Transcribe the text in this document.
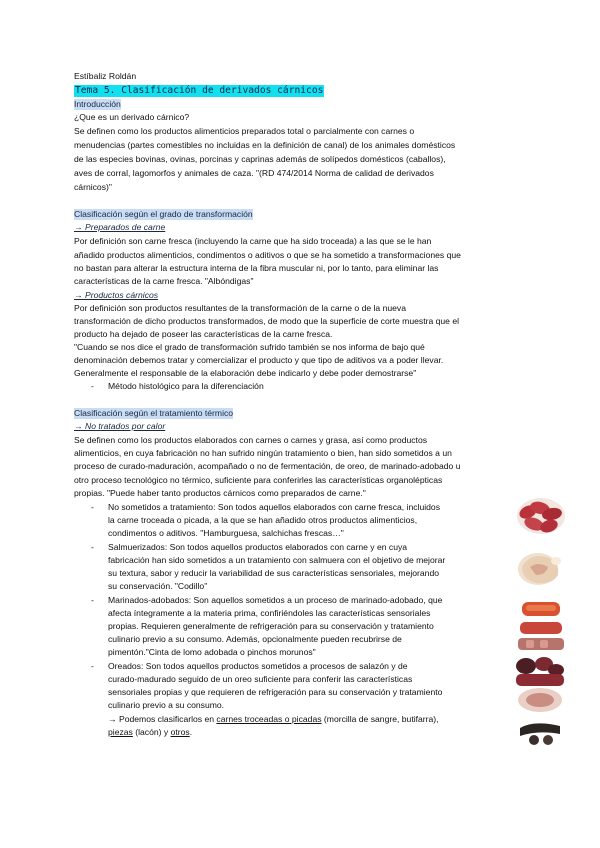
Estíbaliz Roldán
Tema 5. Clasificación de derivados cárnicos
Introducción
¿Que es un derivado cárnico?
Se definen como los productos alimenticios preparados total o parcialmente con carnes o
menudencias (partes comestibles no incluidas en la definición de canal) de los animales domésticos
de las especies bovinas, ovinas, porcinas y caprinas además de solípedos domésticos (caballos),
aves de corral, lagomorfos y animales de caza. "(RD 474/2014 Norma de calidad de derivados
cárnicos)"
Clasificación según el grado de transformación
→ Preparados de carne
Por definición son carne fresca (incluyendo la carne que ha sido troceada) a las que se le han
añadido productos alimenticios, condimentos o aditivos o que se ha sometido a transformaciones que
no bastan para alterar la estructura interna de la fibra muscular ni, por lo tanto, para eliminar las
características de la carne fresca. "Albóndigas"
→ Productos cárnicos
Por definición son productos resultantes de la transformación de la carne o de la nueva
transformación de dicho productos transformados, de modo que la superficie de corte muestra que el
producto ha dejado de poseer las características de la carne fresca.
"Cuando se nos dice el grado de transformación sufrido también se nos informa de bajo qué
denominación debemos tratar y comercializar el producto y que tipo de aditivos va a poder llevar.
Generalmente el responsable de la elaboración debe indicarlo y debe poder demostrarse"
- Método histológico para la diferenciación
Clasificación según el tratamiento térmico
→ No tratados por calor
Se definen como los productos elaborados con carnes o carnes y grasa, así como productos
alimenticios, en cuya fabricación no han sufrido ningún tratamiento o bien, han sido sometidos a un
proceso de curado-maduración, acompañado o no de fermentación, de oreo, de marinado-adobado u
otro proceso tecnológico no térmico, suficiente para conferirles las características organolépticas
propias. "Puede haber tanto productos cárnicos como preparados de carne."
- No sometidos a tratamiento: Son todos aquellos elaborados con carne fresca, incluidos
la carne troceada o picada, a la que se han añadido otros productos alimenticios,
condimentos o aditivos. "Hamburguesa, salchichas frescas…"
- Salmuerizados: Son todos aquellos productos elaborados con carne y en cuya
fabricación han sido sometidos a un tratamiento con salmuera con el objetivo de mejorar
su textura, sabor y reducir la variabilidad de sus características sensoriales, mejorando
su conservación. "Codillo"
- Marinados-adobados: Son aquellos sometidos a un proceso de marinado-adobado, que
afecta íntegramente a la materia prima, confiriéndoles las características sensoriales
propias. Requieren generalmente de refrigeración para su conservación y tratamiento
culinario previo a su consumo. Además, opcionalmente pueden recubrirse de
pimentón."Cinta de lomo adobada o pinchos morunos"
- Oreados: Son todos aquellos productos sometidos a procesos de salazón y de
curado-madurado seguido de un oreo suficiente para conferir las características
sensoriales propias y que requieren de refrigeración para su conservación y tratamiento
culinario previo a su consumo.
→ Podemos clasificarlos en carnes troceadas o picadas (morcilla de sangre, butifarra),
piezas (lacón) y otros.
